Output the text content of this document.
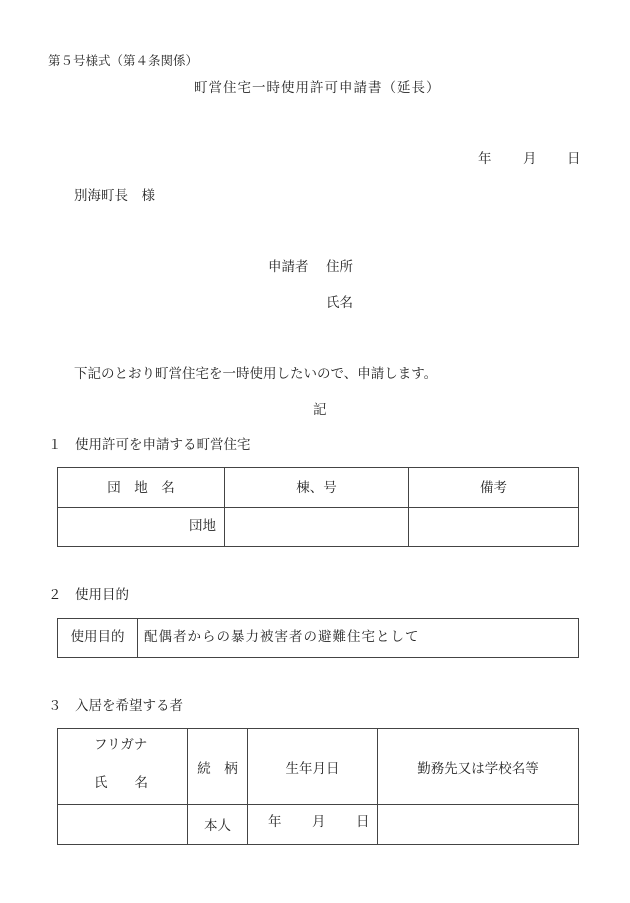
第５号様式（第４条関係）
町営住宅一時使用許可申請書（延長）
年 月 日
別海町長　様
申請者 住所
氏名
下記のとおり町営住宅を一時使用したいので、申請します。
記
１　使用許可を申請する町営住宅
団　地　名	棟、号	備考
団地		
２　使用目的
使用目的	配偶者からの暴力被害者の避難住宅として
３　入居を希望する者
フリガナ
氏　　名	続　柄	生年月日	勤務先又は学校名等
	本人	年 月 日	
